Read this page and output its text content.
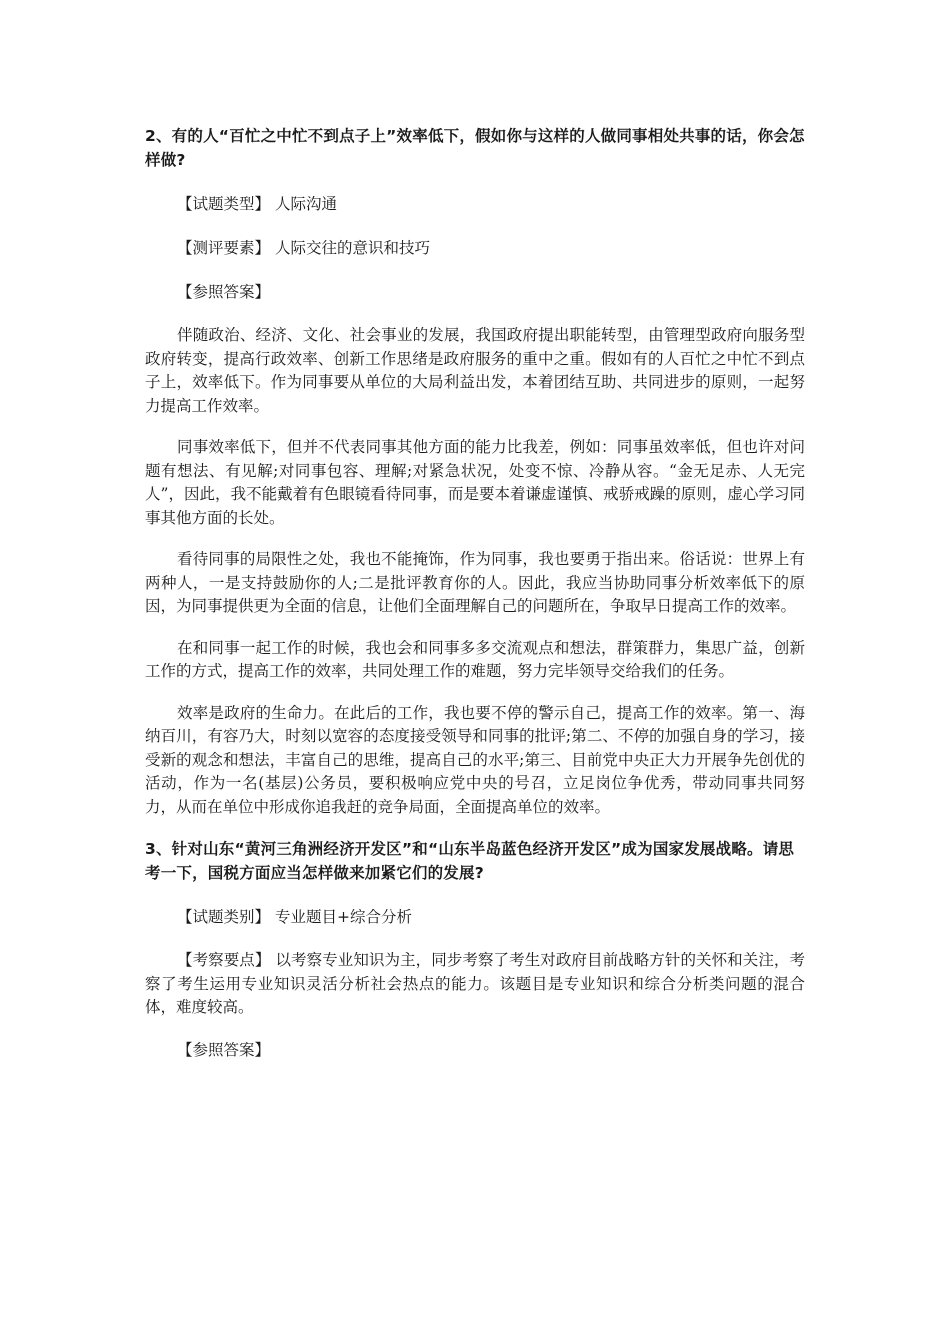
2、有的人“百忙之中忙不到点子上”效率低下，假如你与这样的人做同事相处共事的话，你会怎样做?

【试题类型】 人际沟通

【测评要素】 人际交往的意识和技巧

【参照答案】

伴随政治、经济、文化、社会事业的发展，我国政府提出职能转型，由管理型政府向服务型政府转变，提高行政效率、创新工作思绪是政府服务的重中之重。假如有的人百忙之中忙不到点子上，效率低下。作为同事要从单位的大局利益出发，本着团结互助、共同进步的原则，一起努力提高工作效率。

同事效率低下，但并不代表同事其他方面的能力比我差，例如：同事虽效率低，但也许对问题有想法、有见解;对同事包容、理解;对紧急状况，处变不惊、冷静从容。“金无足赤、人无完人”，因此，我不能戴着有色眼镜看待同事，而是要本着谦虚谨慎、戒骄戒躁的原则，虚心学习同事其他方面的长处。

看待同事的局限性之处，我也不能掩饰，作为同事，我也要勇于指出来。俗话说：世界上有两种人，一是支持鼓励你的人;二是批评教育你的人。因此，我应当协助同事分析效率低下的原因，为同事提供更为全面的信息，让他们全面理解自己的问题所在，争取早日提高工作的效率。

在和同事一起工作的时候，我也会和同事多多交流观点和想法，群策群力，集思广益，创新工作的方式，提高工作的效率，共同处理工作的难题，努力完毕领导交给我们的任务。

效率是政府的生命力。在此后的工作，我也要不停的警示自己，提高工作的效率。第一、海纳百川，有容乃大，时刻以宽容的态度接受领导和同事的批评;第二、不停的加强自身的学习，接受新的观念和想法，丰富自己的思维，提高自己的水平;第三、目前党中央正大力开展争先创优的活动，作为一名(基层)公务员，要积极响应党中央的号召，立足岗位争优秀，带动同事共同努力，从而在单位中形成你追我赶的竞争局面，全面提高单位的效率。

3、针对山东“黄河三角洲经济开发区”和“山东半岛蓝色经济开发区”成为国家发展战略。请思考一下，国税方面应当怎样做来加紧它们的发展?

【试题类别】 专业题目+综合分析

【考察要点】 以考察专业知识为主，同步考察了考生对政府目前战略方针的关怀和关注，考察了考生运用专业知识灵活分析社会热点的能力。该题目是专业知识和综合分析类问题的混合体，难度较高。

【参照答案】
